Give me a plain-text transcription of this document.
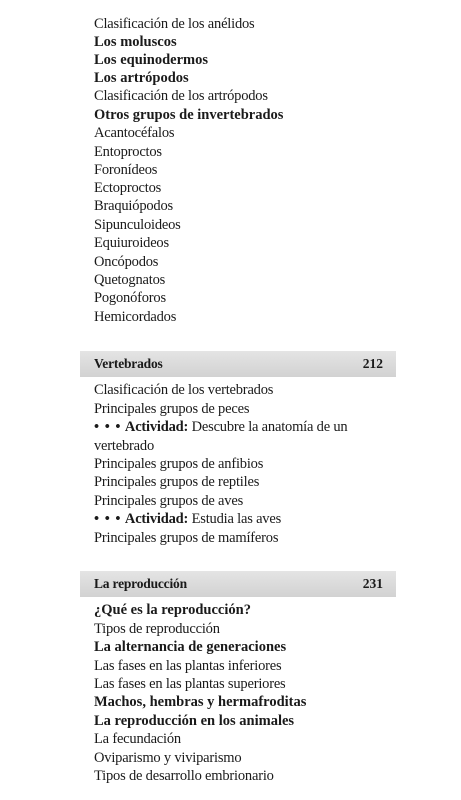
Clasificación de los anélidos
Los moluscos
Los equinodermos
Los artrópodos
Clasificación de los artrópodos
Otros grupos de invertebrados
Acantocéfalos
Entoproctos
Foronídeos
Ectoproctos
Braquiópodos
Sipunculoideos
Equiuroideos
Oncópodos
Quetognatos
Pogonóforos
Hemicordados
Vertebrados	212
Clasificación de los vertebrados
Principales grupos de peces
• • • Actividad: Descubre la anatomía de un
vertebrado
Principales grupos de anfibios
Principales grupos de reptiles
Principales grupos de aves
• • • Actividad: Estudia las aves
Principales grupos de mamíferos
La reproducción	231
¿Qué es la reproducción?
Tipos de reproducción
La alternancia de generaciones
Las fases en las plantas inferiores
Las fases en las plantas superiores
Machos, hembras y hermafroditas
La reproducción en los animales
La fecundación
Oviparismo y viviparismo
Tipos de desarrollo embrionario
